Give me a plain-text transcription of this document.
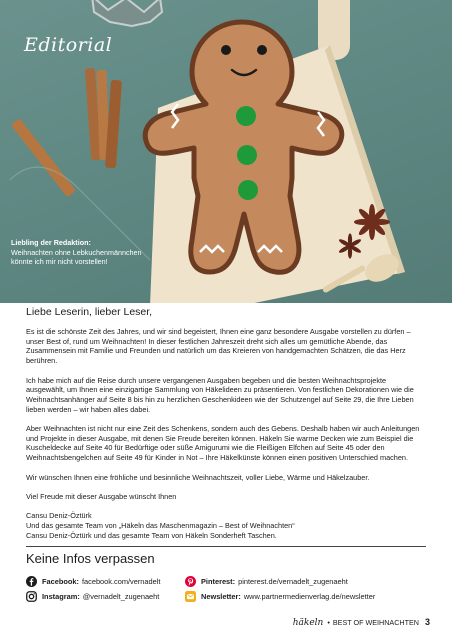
Editorial
Liebling der Redaktion:
Weihnachten ohne Lebkuchenmännchen könnte ich mir nicht vorstellen!

Liebe Leserin, lieber Leser,

Es ist die schönste Zeit des Jahres, und wir sind begeistert, Ihnen eine ganz besondere Ausgabe vorstellen zu dürfen – unser Best of, rund um Weihnachten! In dieser festlichen Jahreszeit dreht sich alles um gemütliche Abende, das Zusammensein mit Familie und Freunden und natürlich um das Kreieren von handgemachten Schätzen, die das Herz berühren.

Ich habe mich auf die Reise durch unsere vergangenen Ausgaben begeben und die besten Weihnachtsprojekte ausgewählt, um Ihnen eine einzigartige Sammlung von Häkelideen zu präsentieren. Von festlichen Dekorationen wie die Weihnachtsanhänger auf Seite 8 bis hin zu herzlichen Geschenkideen wie der Schutzengel auf Seite 29, die Ihre Lieben lieben werden – wir haben alles dabei.

Aber Weihnachten ist nicht nur eine Zeit des Schenkens, sondern auch des Gebens. Deshalb haben wir auch Anleitungen und Projekte in dieser Ausgabe, mit denen Sie Freude bereiten können. Häkeln Sie warme Decken wie zum Beispiel die Kuscheldecke auf Seite 40 für Bedürftige oder süße Amigurumi wie die Fleißigen Elfchen auf Seite 45 oder den Weihnachtsbengelchen auf Seite 49 für Kinder in Not – Ihre Häkelkünste können einen positiven Unterschied machen.

Wir wünschen Ihnen eine fröhliche und besinnliche Weihnachtszeit, voller Liebe, Wärme und Häkelzauber.

Viel Freude mit dieser Ausgabe wünscht Ihnen

Cansu Deniz-Öztürk

Und das gesamte Team von „Häkeln das Maschenmagazin – Best of Weihnachten“

Cansu Deniz-Öztürk und das gesamte Team von Häkeln Sonderheft Taschen.

Keine Infos verpassen
Facebook: facebook.com/vernadelt	Pinterest: pinterest.de/vernadelt_zugenaeht
Instagram: @vernadelt_zugenaeht	Newsletter: www.partnermedienverlag.de/newsletter
häkeln • BEST OF WEIHNACHTEN 3
